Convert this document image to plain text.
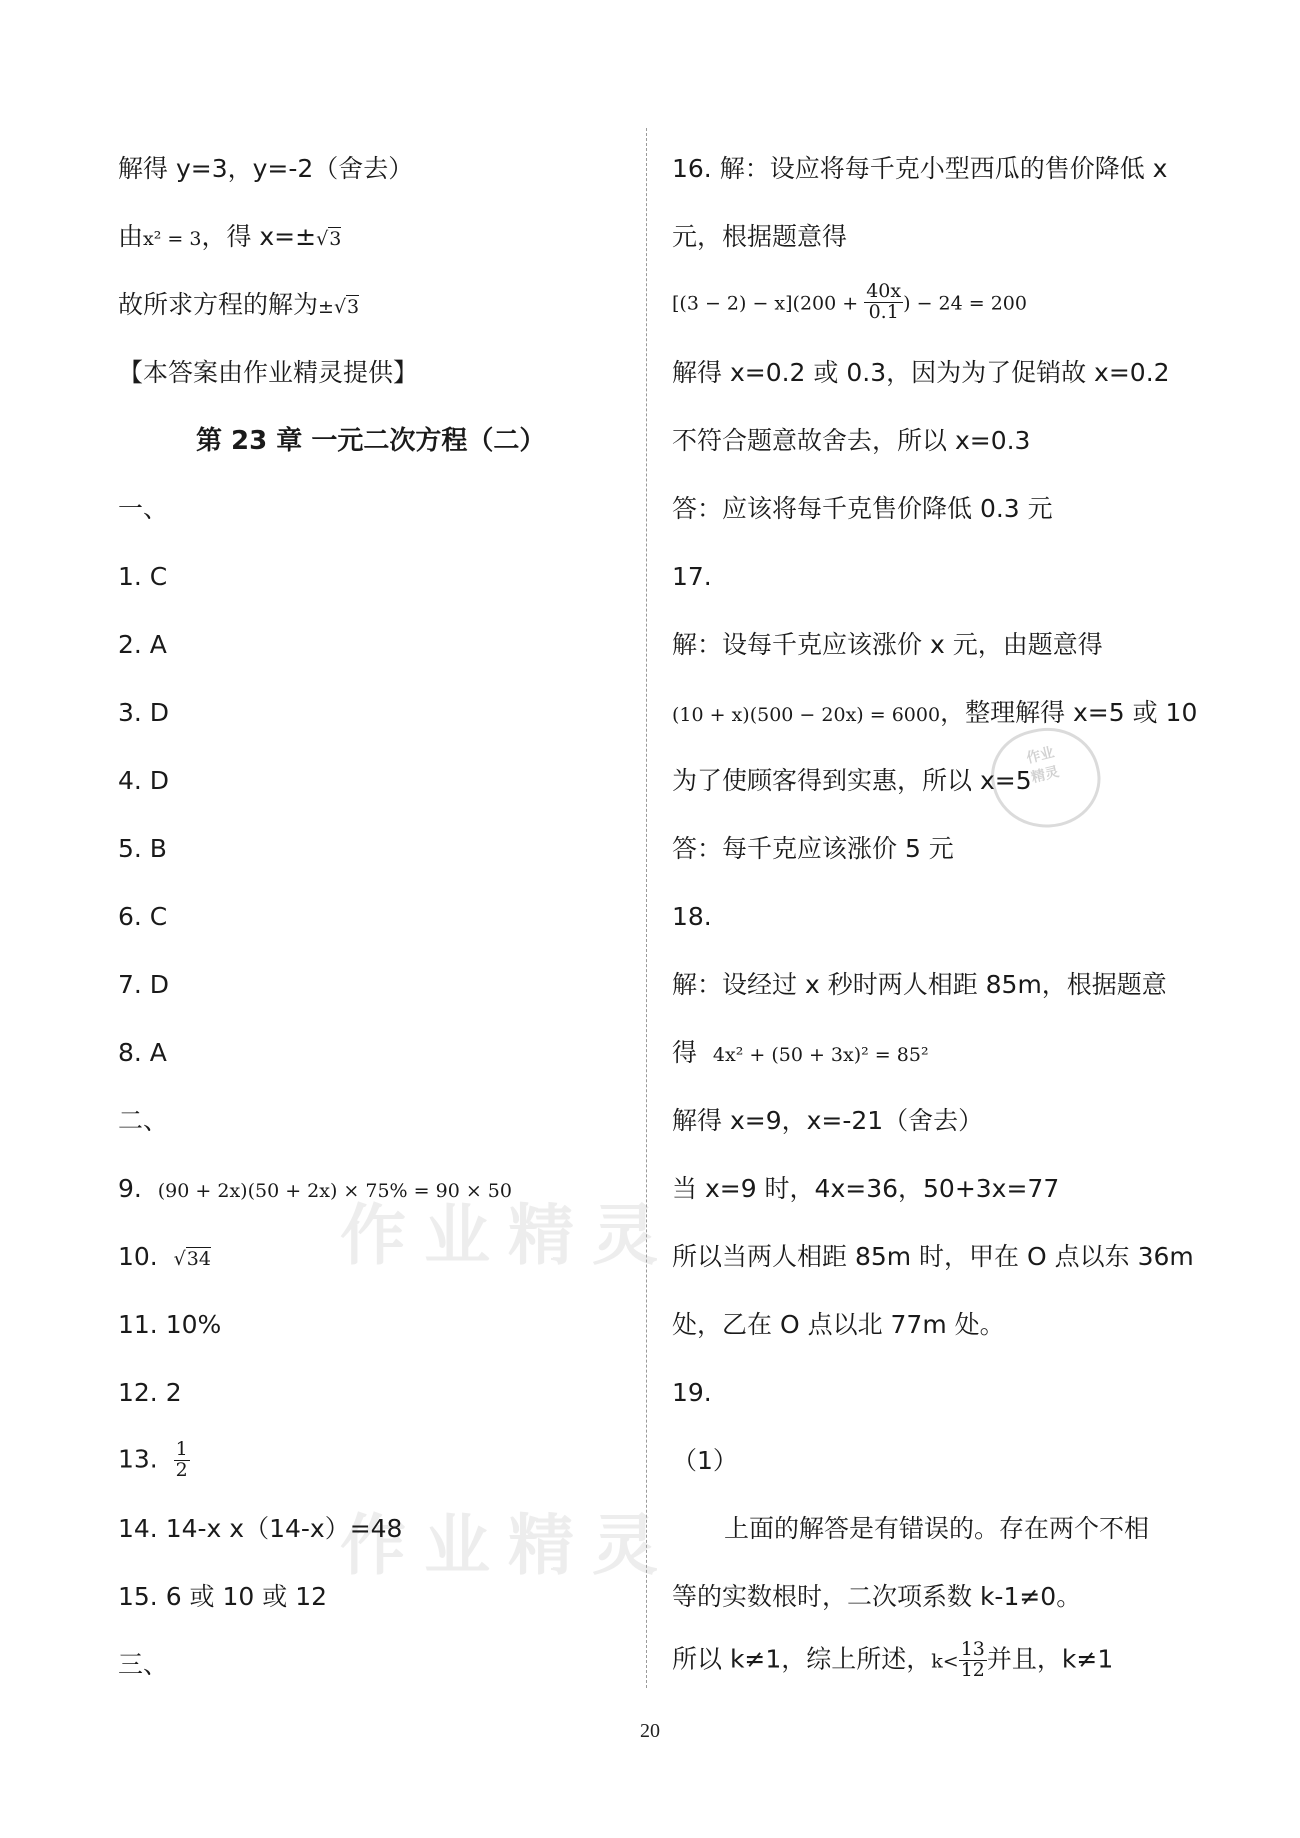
作业精灵
作业精灵
作业
精灵
解得 y=3，y=-2（舍去）
由x² = 3，得 x=±√3
故所求方程的解为±√3
【本答案由作业精灵提供】
第 23 章 一元二次方程（二）
一、
1. C
2. A
3. D
4. D
5. B
6. C
7. D
8. A
二、
9. (90 + 2x)(50 + 2x) × 75% = 90 × 50
10. √34
11. 10%
12. 2
13. $\frac{1}{2}$
14. 14-x x（14-x）=48
15. 6 或 10 或 12
三、
16. 解：设应将每千克小型西瓜的售价降低 x
元，根据题意得
$[(3 - 2) - x](200 + \frac{40x}{0.1}$ ) − 24 = 200
解得 x=0.2 或 0.3，因为为了促销故 x=0.2
不符合题意故舍去，所以 x=0.3
答：应该将每千克售价降低 0.3 元
17.
解：设每千克应该涨价 x 元，由题意得
(10 + x)(500 − 20x) = 6000，整理解得 x=5 或 10
为了使顾客得到实惠，所以 x=5
答：每千克应该涨价 5 元
18.
解：设经过 x 秒时两人相距 85m，根据题意
得 4x² + (50 + 3x)² = 85²
解得 x=9，x=-21（舍去）
当 x=9 时，4x=36，50+3x=77
所以当两人相距 85m 时，甲在 O 点以东 36m
处，乙在 O 点以北 77m 处。
19.
（1）
上面的解答是有错误的。存在两个不相
等的实数根时，二次项系数 k-1≠0。
所以 k≠1，综上所述，$k< \frac{13}{12}$ 并且，k≠1
20
